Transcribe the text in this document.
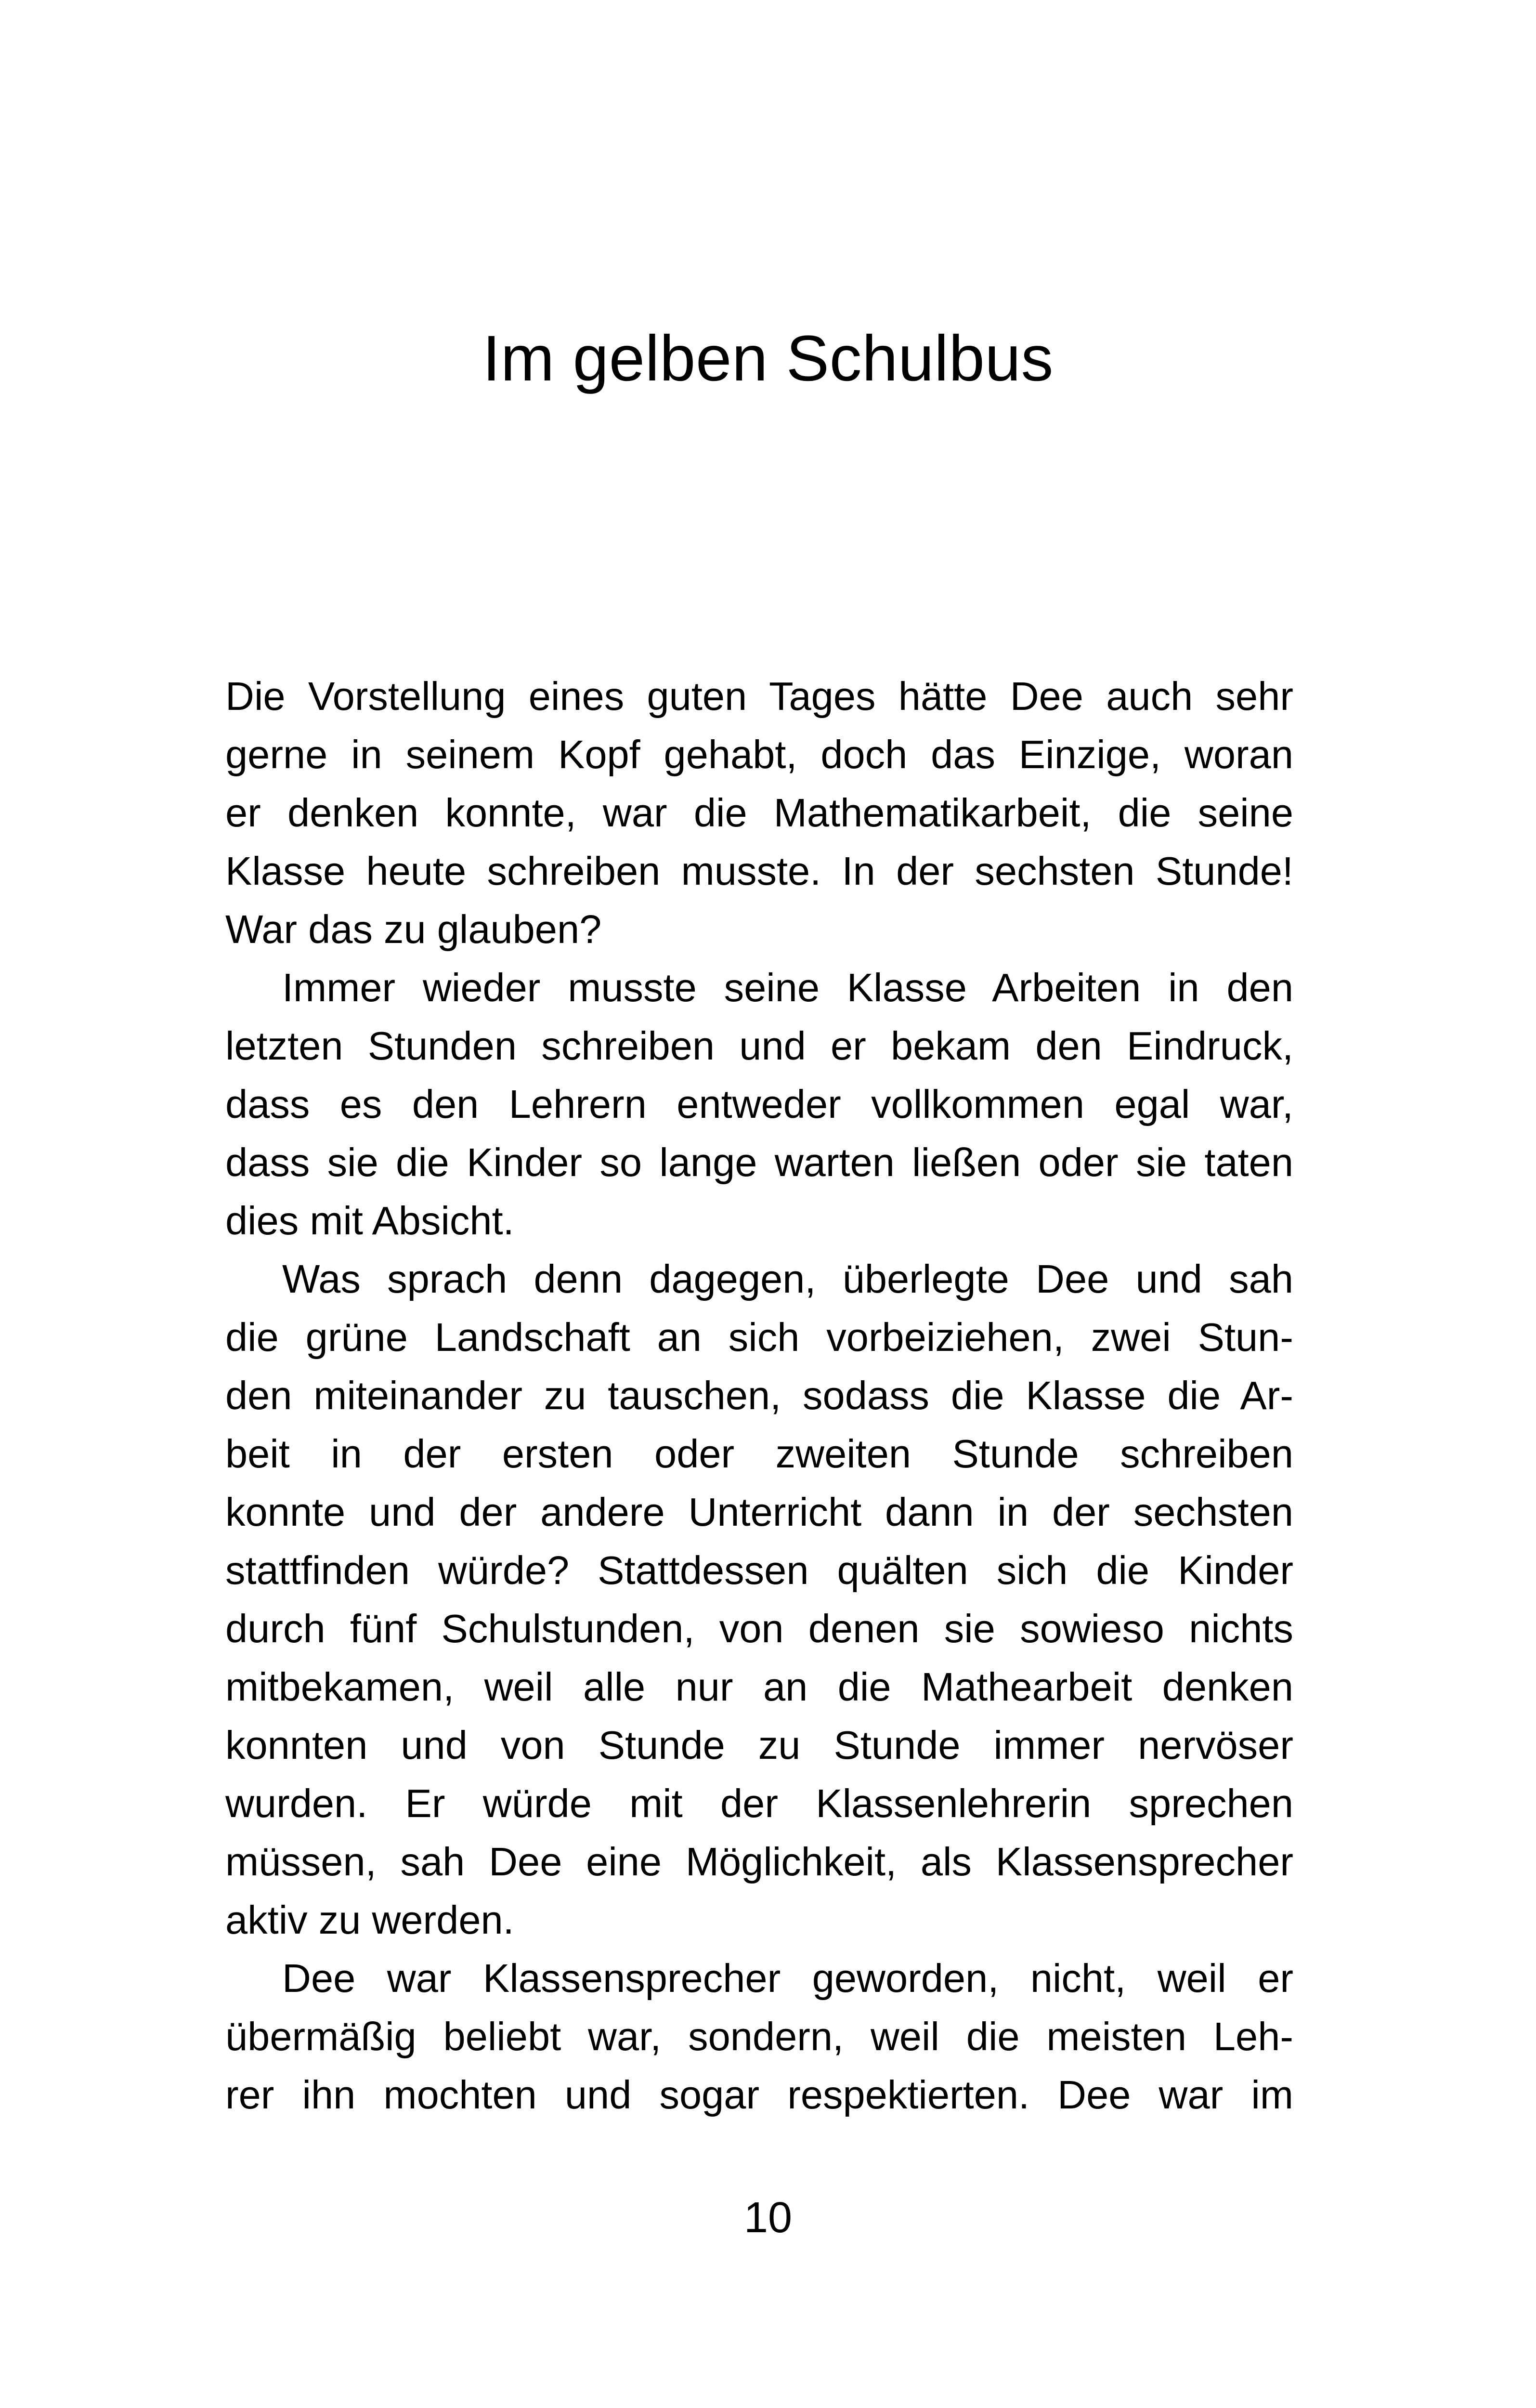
Im gelben Schulbus
Die Vorstellung eines guten Tages hätte Dee auch sehr
gerne in seinem Kopf gehabt, doch das Einzige, woran
er denken konnte, war die Mathematikarbeit, die seine
Klasse heute schreiben musste. In der sechsten Stunde!
War das zu glauben?
Immer wieder musste seine Klasse Arbeiten in den
letzten Stunden schreiben und er bekam den Eindruck,
dass es den Lehrern entweder vollkommen egal war,
dass sie die Kinder so lange warten ließen oder sie taten
dies mit Absicht.
Was sprach denn dagegen, überlegte Dee und sah
die grüne Landschaft an sich vorbeiziehen, zwei Stun-
den miteinander zu tauschen, sodass die Klasse die Ar-
beit in der ersten oder zweiten Stunde schreiben
konnte und der andere Unterricht dann in der sechsten
stattfinden würde? Stattdessen quälten sich die Kinder
durch fünf Schulstunden, von denen sie sowieso nichts
mitbekamen, weil alle nur an die Mathearbeit denken
konnten und von Stunde zu Stunde immer nervöser
wurden. Er würde mit der Klassenlehrerin sprechen
müssen, sah Dee eine Möglichkeit, als Klassensprecher
aktiv zu werden.
Dee war Klassensprecher geworden, nicht, weil er
übermäßig beliebt war, sondern, weil die meisten Leh-
rer ihn mochten und sogar respektierten. Dee war im
10
